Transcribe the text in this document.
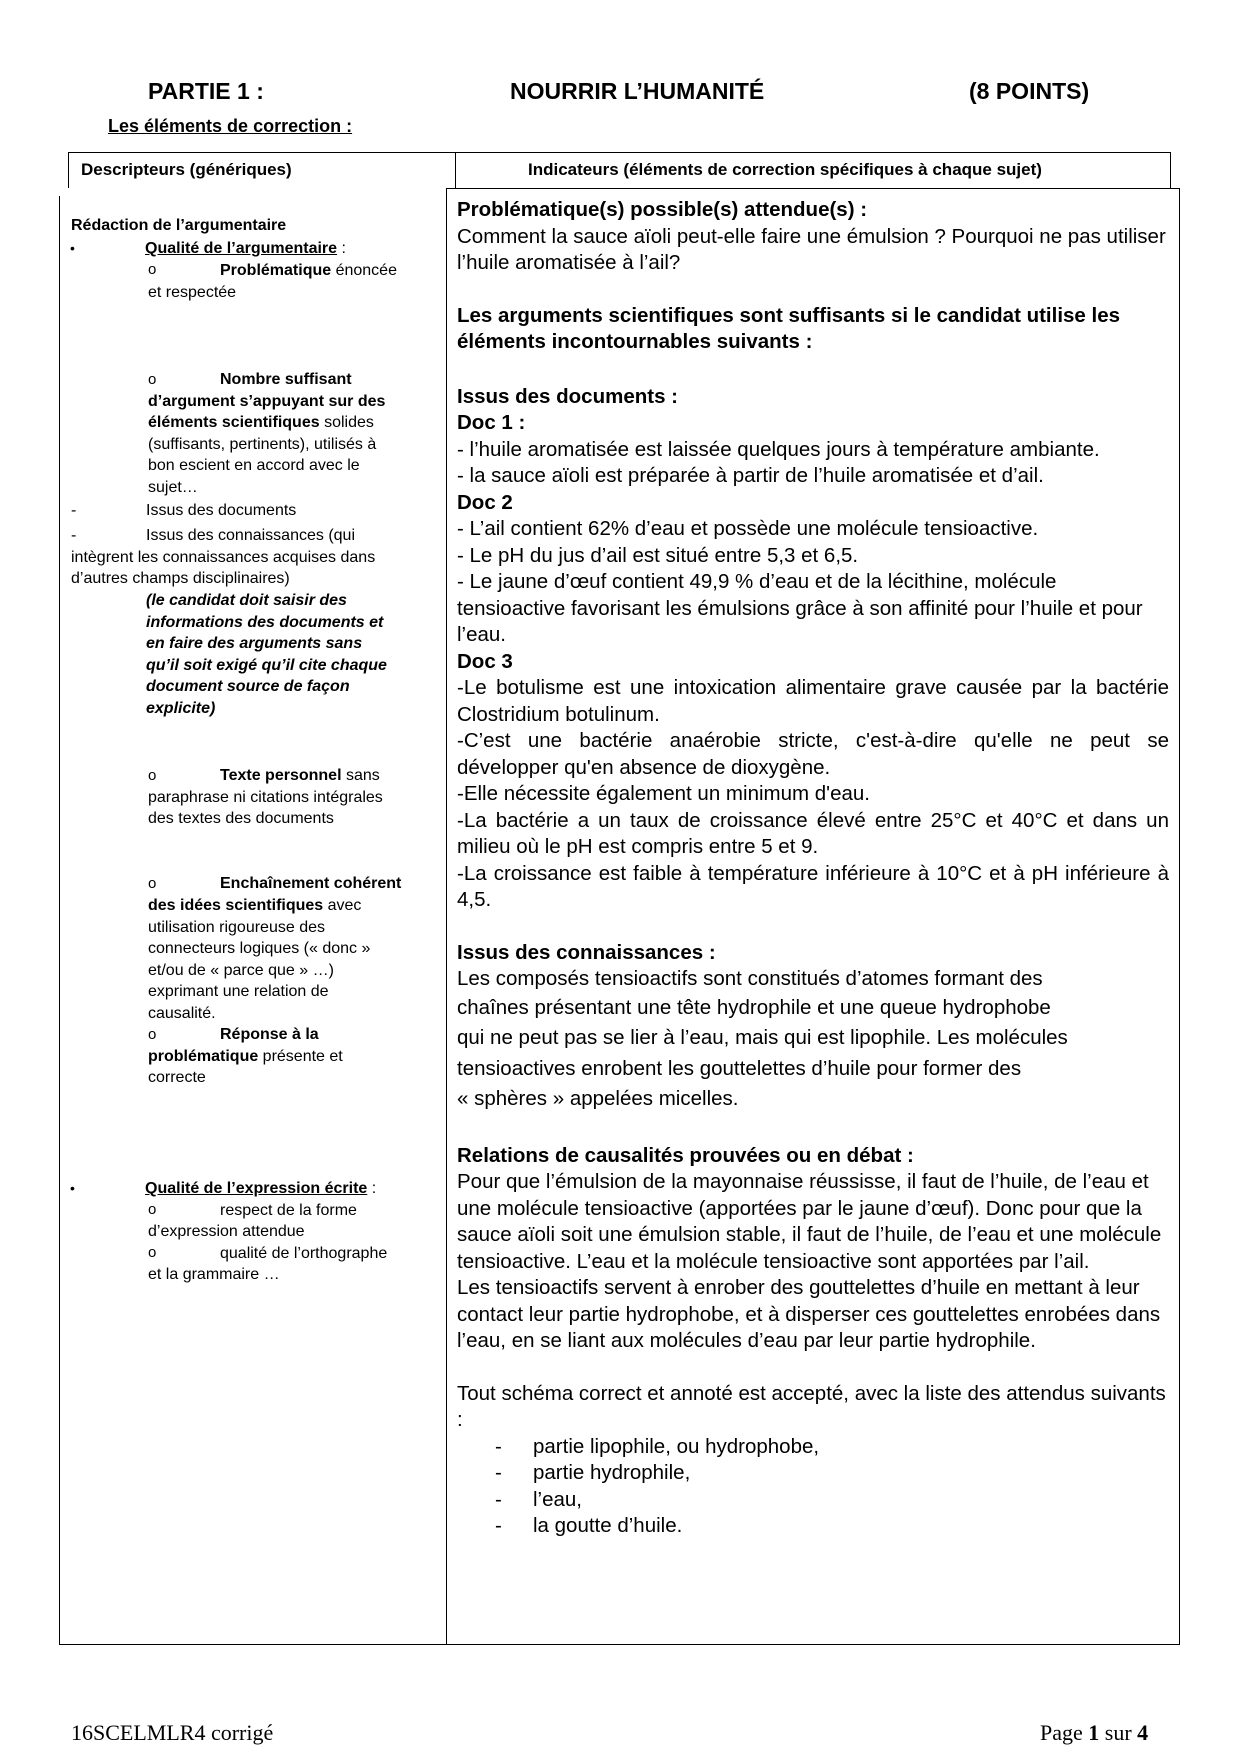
PARTIE 1 :	NOURRIR L’HUMANITÉ	(8 POINTS)
Les éléments de correction :
Descripteurs (génériques)	Indicateurs (éléments de correction spécifiques à chaque sujet)
Rédaction de l’argumentaire
•	Qualité de l’argumentaire :
o	Problématique énoncée
et respectée
o	Nombre suffisant
d’argument s’appuyant sur des
éléments scientifiques solides
(suffisants, pertinents), utilisés à
bon escient en accord avec le
sujet…
-	Issus des documents
-	Issus des connaissances (qui
intègrent les connaissances acquises dans
d’autres champs disciplinaires)
(le candidat doit saisir des
informations des documents et
en faire des arguments sans
qu’il soit exigé qu’il cite chaque
document source de façon
explicite)
o	Texte personnel sans
paraphrase ni citations intégrales
des textes des documents
o	Enchaînement cohérent
des idées scientifiques avec
utilisation rigoureuse des
connecteurs logiques (« donc »
et/ou de « parce que » …)
exprimant une relation de
causalité.
o	Réponse à la
problématique présente et
correcte
•	Qualité de l’expression écrite :
o	respect de la forme
d’expression attendue
o	qualité de l’orthographe
et la grammaire …

Problématique(s) possible(s) attendue(s) :

Comment la sauce aïoli peut-elle faire une émulsion ? Pourquoi ne pas utiliser l’huile aromatisée à l’ail?

Les arguments scientifiques sont suffisants si le candidat utilise les éléments incontournables suivants :

Issus des documents :

Doc 1 :

- l’huile aromatisée est laissée quelques jours à température ambiante.

- la sauce aïoli est préparée à partir de l’huile aromatisée et d’ail.

Doc 2

- L’ail contient 62% d’eau et possède une molécule tensioactive.

- Le pH du jus d’ail est situé entre 5,3 et 6,5.

- Le jaune d’œuf contient 49,9 % d’eau et de la lécithine, molécule tensioactive favorisant les émulsions grâce à son affinité pour l’huile et pour l’eau.

Doc 3

-Le botulisme est une intoxication alimentaire grave causée par la bactérie Clostridium botulinum.

-C’est une bactérie anaérobie stricte, c'est-à-dire qu'elle ne peut se développer qu'en absence de dioxygène.

-Elle nécessite également un minimum d'eau.

-La bactérie a un taux de croissance élevé entre 25°C et 40°C et dans un milieu où le pH est compris entre 5 et 9.

-La croissance est faible à température inférieure à 10°C et à pH inférieure à 4,5.

Issus des connaissances :

Les composés tensioactifs sont constitués d’atomes formant des

chaînes présentant une tête hydrophile et une queue hydrophobe

qui ne peut pas se lier à l’eau, mais qui est lipophile. Les molécules

tensioactives enrobent les gouttelettes d’huile pour former des

« sphères » appelées micelles.

Relations de causalités prouvées ou en débat :

Pour que l’émulsion de la mayonnaise réussisse, il faut de l’huile, de l’eau et une molécule tensioactive (apportées par le jaune d’œuf). Donc pour que la sauce aïoli soit une émulsion stable, il faut de l’huile, de l’eau et une molécule tensioactive. L’eau et la molécule tensioactive sont apportées par l’ail.

Les tensioactifs servent à enrober des gouttelettes d’huile en mettant à leur contact leur partie hydrophobe, et à disperser ces gouttelettes enrobées dans l’eau, en se liant aux molécules d’eau par leur partie hydrophile.

Tout schéma correct et annoté est accepté, avec la liste des attendus suivants :

- partie lipophile, ou hydrophobe,
- partie hydrophile,
- l’eau,
- la goutte d’huile.
16SCELMLR4 corrigé	Page 1 sur 4
